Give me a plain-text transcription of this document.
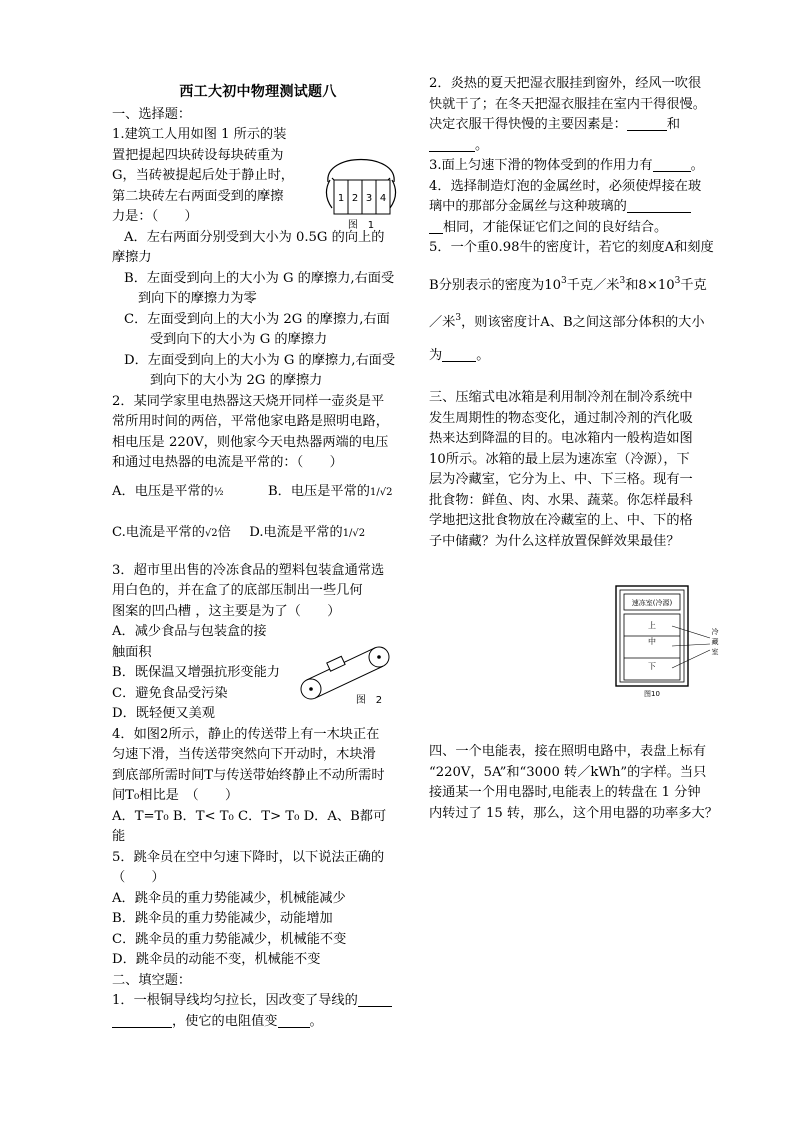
西工大初中物理测试题八
一、选择题：
1.建筑工人用如图 1 所示的装
置把提起四块砖设每块砖重为
G，当砖被提起后处于静止时，
第二块砖左右两面受到的摩擦
力是：（　　）
A．左右两面分别受到大小为 0.5G 的向上的
摩擦力
B．左面受到向上的大小为 G 的摩擦力,右面受
到向下的摩擦力为零
C．左面受到向上的大小为 2G 的摩擦力,右面
受到向下的大小为 G 的摩擦力
D．左面受到向上的大小为 G 的摩擦力,右面受
到向下的大小为 2G 的摩擦力
2．某同学家里电热器这天烧开同样一壶炎是平
常所用时间的两倍，平常他家电路是照明电路，
相电压是 220V，则他家今天电热器两端的电压
和通过电热器的电流是平常的：（　　）
A．电压是平常的½	B．电压是平常的1/√2
C.电流是平常的√2倍 D.电流是平常的1/√2
3．超市里出售的冷冻食品的塑料包装盒通常选
用白色的，并在盒了的底部压制出一些几何
图案的凹凸槽 ，这主要是为了（　　）
A．减少食品与包装盒的接
触面积
B．既保温又增强抗形变能力
C．避免食品受污染
D．既轻便又美观
4．如图2所示，静止的传送带上有一木块正在
匀速下滑，当传送带突然向下开动时，木块滑
到底部所需时间T与传送带始终静止不动所需时
间T₀相比是　（　　）
A．T=T₀ B．T< T₀ C．T> T₀ D．A、B都可
能
5．跳伞员在空中匀速下降时，以下说法正确的
（　　）
A．跳伞员的重力势能减少，机械能减少
B．跳伞员的重力势能减少，动能增加
C．跳伞员的重力势能减少，机械能不变
D．跳伞员的动能不变，机械能不变
二、填空题：
1．一根铜导线均匀拉长，因改变了导线的
，使它的电阻值变 。
1 2 3 4
图　1
图　2
2．炎热的夏天把湿衣服挂到窗外，经风一吹很
快就干了；在冬天把湿衣服挂在室内干得很慢。
决定衣服干得快慢的主要因素是：	和
。
3.面上匀速下滑的物体受到的作用力有	。
4．选择制造灯泡的金属丝时，必须使焊接在玻
璃中的那部分金属丝与这种玻璃的
相同，才能保证它们之间的良好结合。
5．一个重0.98牛的密度计，若它的刻度A和刻度
B分别表示的密度为$10^3$千克／米$^3$和$8\times 10^3$千克
／米$^3$，则该密度计A、B之间这部分体积的大小
为	。
三、压缩式电冰箱是利用制冷剂在制冷系统中
发生周期性的物态变化，通过制冷剂的汽化吸
热来达到降温的目的。电冰箱内一般构造如图
10所示。冰箱的最上层为速冻室（冷源），下
层为冷藏室，它分为上、中、下三格。现有一
批食物：鲜鱼、肉、水果、蔬菜。你怎样最科
学地把这批食物放在冷藏室的上、中、下的格
子中储藏？为什么这样放置保鲜效果最佳？
四、一个电能表，接在照明电路中，表盘上标有
“220V，5A”和“3000 转／kWh”的字样。当只
接通某一个用电器时,电能表上的转盘在 1 分钟
内转过了 15 转，那么，这个用电器的功率多大？
速冻室(冷源)
上
中
下
冷
藏
室
图10
